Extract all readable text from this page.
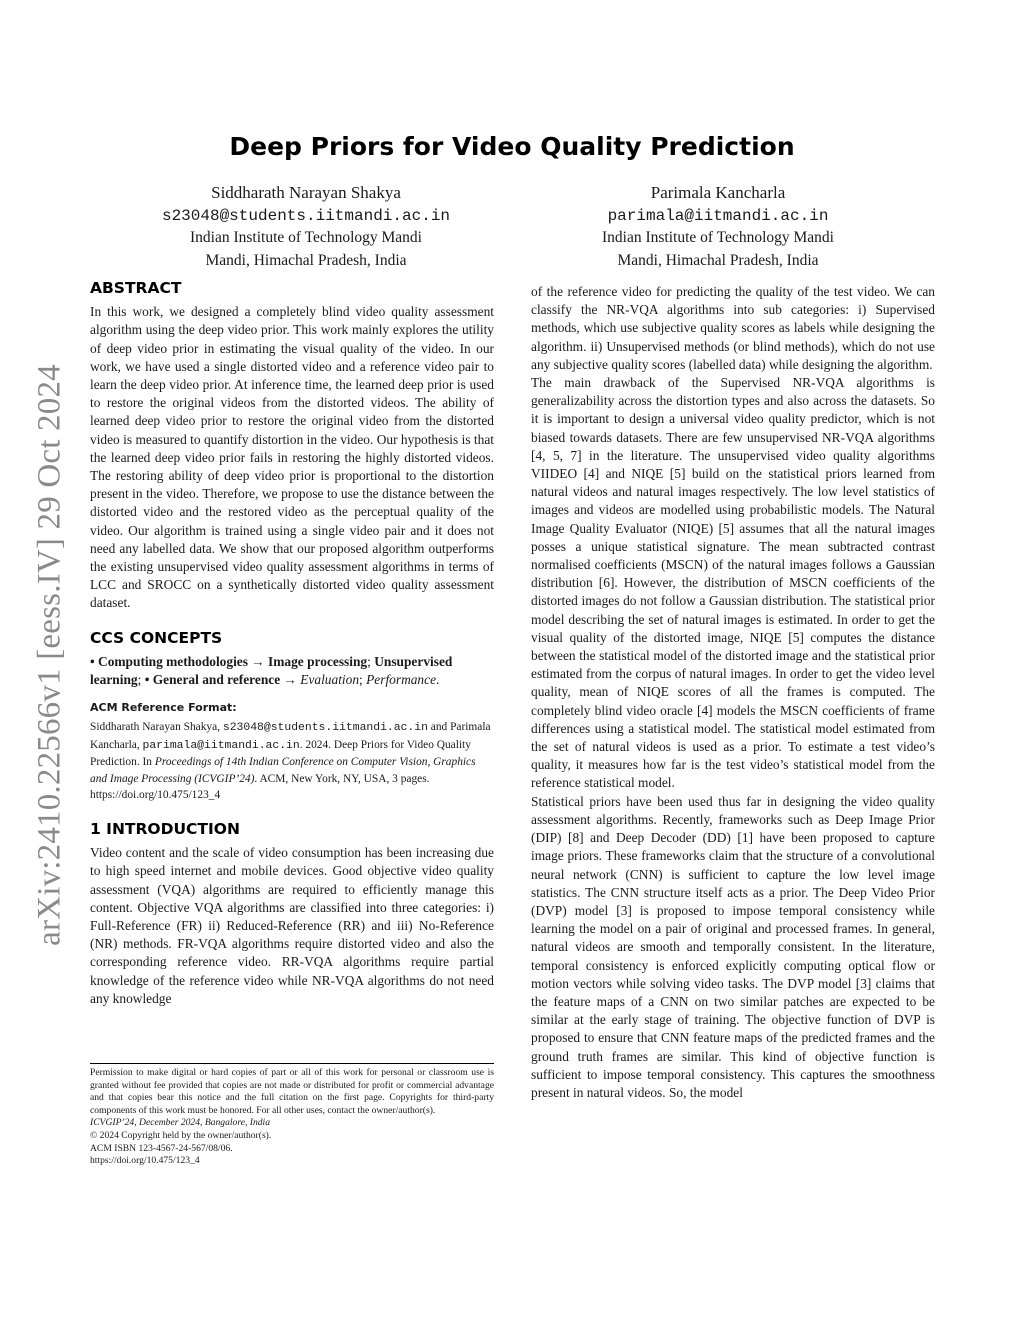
arXiv:2410.22566v1 [eess.IV] 29 Oct 2024
Deep Priors for Video Quality Prediction
Siddharath Narayan Shakya
s23048@students.iitmandi.ac.in
Indian Institute of Technology Mandi
Mandi, Himachal Pradesh, India
Parimala Kancharla
parimala@iitmandi.ac.in
Indian Institute of Technology Mandi
Mandi, Himachal Pradesh, India
ABSTRACT

In this work, we designed a completely blind video quality assessment algorithm using the deep video prior. This work mainly explores the utility of deep video prior in estimating the visual quality of the video. In our work, we have used a single distorted video and a reference video pair to learn the deep video prior. At inference time, the learned deep prior is used to restore the original videos from the distorted videos. The ability of learned deep video prior to restore the original video from the distorted video is measured to quantify distortion in the video. Our hypothesis is that the learned deep video prior fails in restoring the highly distorted videos. The restoring ability of deep video prior is proportional to the distortion present in the video. Therefore, we propose to use the distance between the distorted video and the restored video as the perceptual quality of the video. Our algorithm is trained using a single video pair and it does not need any labelled data. We show that our proposed algorithm outperforms the existing unsupervised video quality assessment algorithms in terms of LCC and SROCC on a synthetically distorted video quality assessment dataset.

CCS CONCEPTS

• Computing methodologies → Image processing; Unsupervised learning; • General and reference → Evaluation; Performance.

ACM Reference Format:

Siddharath Narayan Shakya, s23048@students.iitmandi.ac.in and Parimala Kancharla, parimala@iitmandi.ac.in. 2024. Deep Priors for Video Quality Prediction. In Proceedings of 14th Indian Conference on Computer Vision, Graphics and Image Processing (ICVGIP’24). ACM, New York, NY, USA, 3 pages. https://doi.org/10.475/123_4

1 INTRODUCTION

Video content and the scale of video consumption has been increasing due to high speed internet and mobile devices. Good objective video quality assessment (VQA) algorithms are required to efficiently manage this content. Objective VQA algorithms are classified into three categories: i) Full-Reference (FR) ii) Reduced-Reference (RR) and iii) No-Reference (NR) methods. FR-VQA algorithms require distorted video and also the corresponding reference video. RR-VQA algorithms require partial knowledge of the reference video while NR-VQA algorithms do not need any knowledge

Permission to make digital or hard copies of part or all of this work for personal or classroom use is granted without fee provided that copies are not made or distributed for profit or commercial advantage and that copies bear this notice and the full citation on the first page. Copyrights for third-party components of this work must be honored. For all other uses, contact the owner/author(s).

ICVGIP’24, December 2024, Bangalore, India

© 2024 Copyright held by the owner/author(s).

ACM ISBN 123-4567-24-567/08/06.

https://doi.org/10.475/123_4

of the reference video for predicting the quality of the test video. We can classify the NR-VQA algorithms into sub categories: i) Supervised methods, which use subjective quality scores as labels while designing the algorithm. ii) Unsupervised methods (or blind methods), which do not use any subjective quality scores (labelled data) while designing the algorithm.

The main drawback of the Supervised NR-VQA algorithms is generalizability across the distortion types and also across the datasets. So it is important to design a universal video quality predictor, which is not biased towards datasets. There are few unsupervised NR-VQA algorithms [4, 5, 7] in the literature. The unsupervised video quality algorithms VIIDEO [4] and NIQE [5] build on the statistical priors learned from natural videos and natural images respectively. The low level statistics of images and videos are modelled using probabilistic models. The Natural Image Quality Evaluator (NIQE) [5] assumes that all the natural images posses a unique statistical signature. The mean subtracted contrast normalised coefficients (MSCN) of the natural images follows a Gaussian distribution [6]. However, the distribution of MSCN coefficients of the distorted images do not follow a Gaussian distribution. The statistical prior model describing the set of natural images is estimated. In order to get the visual quality of the distorted image, NIQE [5] computes the distance between the statistical model of the distorted image and the statistical prior estimated from the corpus of natural images. In order to get the video level quality, mean of NIQE scores of all the frames is computed. The completely blind video oracle [4] models the MSCN coefficients of frame differences using a statistical model. The statistical model estimated from the set of natural videos is used as a prior. To estimate a test video’s quality, it measures how far is the test video’s statistical model from the reference statistical model.

Statistical priors have been used thus far in designing the video quality assessment algorithms. Recently, frameworks such as Deep Image Prior (DIP) [8] and Deep Decoder (DD) [1] have been proposed to capture image priors. These frameworks claim that the structure of a convolutional neural network (CNN) is sufficient to capture the low level image statistics. The CNN structure itself acts as a prior. The Deep Video Prior (DVP) model [3] is proposed to impose temporal consistency while learning the model on a pair of original and processed frames. In general, natural videos are smooth and temporally consistent. In the literature, temporal consistency is enforced explicitly computing optical flow or motion vectors while solving video tasks. The DVP model [3] claims that the feature maps of a CNN on two similar patches are expected to be similar at the early stage of training. The objective function of DVP is proposed to ensure that CNN feature maps of the predicted frames and the ground truth frames are similar. This kind of objective function is sufficient to impose temporal consistency. This captures the smoothness present in natural videos. So, the model
